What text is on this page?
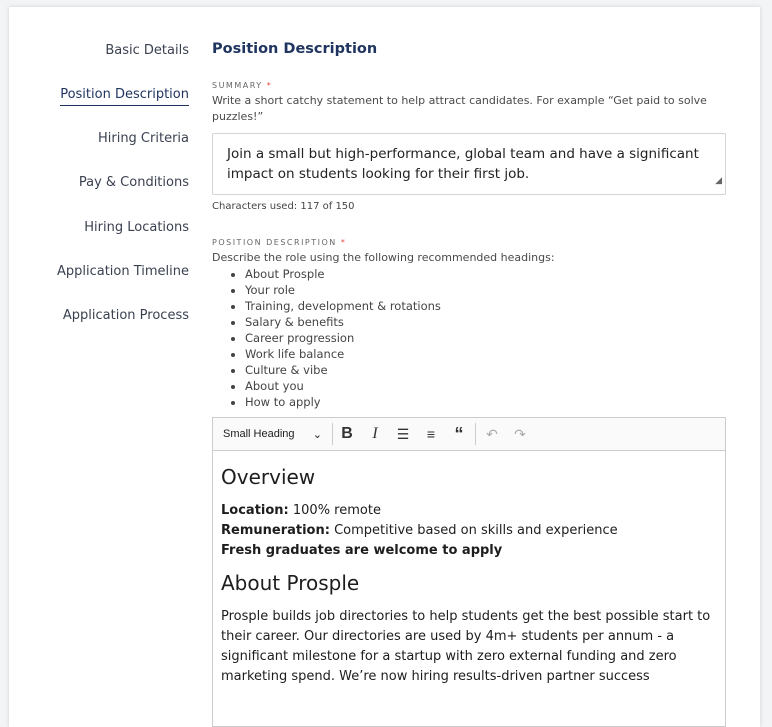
Basic Details
Position Description
Hiring Criteria
Pay & Conditions
Hiring Locations
Application Timeline
Application Process
Position Description
SUMMARY *
Write a short catchy statement to help attract candidates. For example “Get paid to solve puzzles!”
Join a small but high-performance, global team and have a significant impact on students looking for their first job.	◢
Characters used: 117 of 150
POSITION DESCRIPTION *
Describe the role using the following recommended headings:
• About Prosple
• Your role
• Training, development & rotations
• Salary & benefits
• Career progression
• Work life balance
• Culture & vibe
• About you
• How to apply
Small Heading ⌄	B	I	☰	≡	“	↶	↷
Overview

Location: 100% remote

Remuneration: Competitive based on skills and experience

Fresh graduates are welcome to apply

About Prosple

Prosple builds job directories to help students get the best possible start to their career. Our directories are used by 4m+ students per annum - a significant milestone for a startup with zero external funding and zero marketing spend. We’re now hiring results-driven partner success
